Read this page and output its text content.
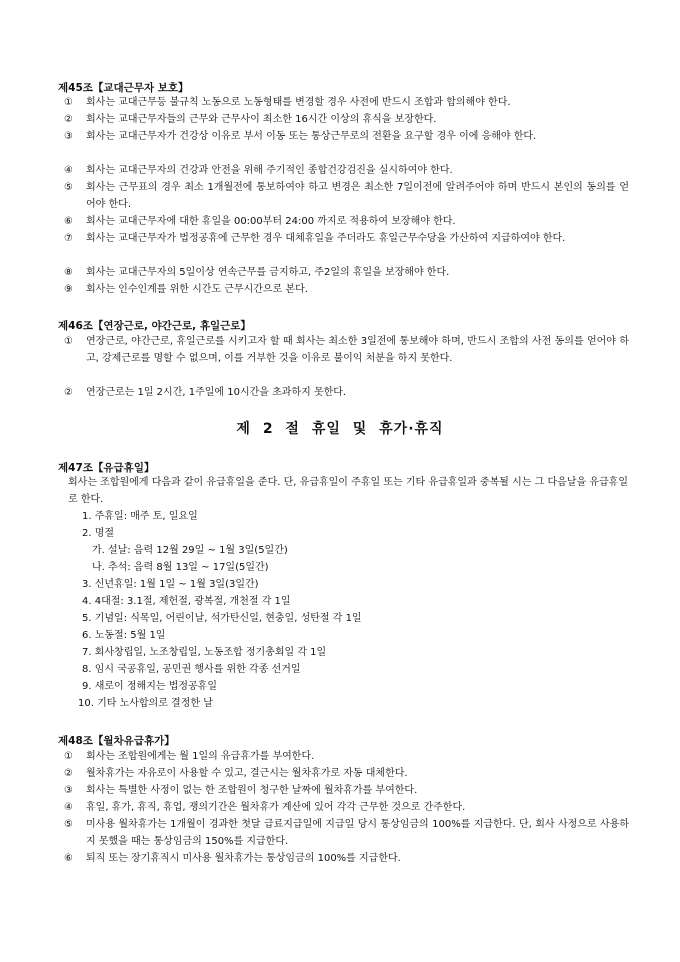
제45조【교대근무자 보호】
①	회사는 교대근무등 불규칙 노동으로 노동형태를 변경할 경우 사전에 반드시 조합과 합의해야 한다.
②	회사는 교대근무자들의 근무와 근무사이 최소한 16시간 이상의 휴식을 보장한다.
③	회사는 교대근무자가 건강상 이유로 부서 이동 또는 통상근무로의 전환을 요구할 경우 이에 응해야 한다.
④	회사는 교대근무자의 건강과 안전을 위해 주기적인 종합건강검진을 실시하여야 한다.
⑤	회사는 근무표의 경우 최소 1개월전에 통보하여야 하고 변경은 최소한 7일이전에 알려주어야 하며 반드시 본인의 동의를 얻어야 한다.
⑥	회사는 교대근무자에 대한 휴일을 00:00부터 24:00 까지로 적용하여 보장해야 한다.
⑦	회사는 교대근무자가 법정공휴에 근무한 경우 대체휴일을 주더라도 휴일근무수당을 가산하여 지급하여야 한다.
⑧	회사는 교대근무자의 5일이상 연속근무를 금지하고, 주2일의 휴일을 보장해야 한다.
⑨	회사는 인수인계를 위한 시간도 근무시간으로 본다.
제46조【연장근로, 야간근로, 휴일근로】
①	연장근로, 야간근로, 휴일근로를 시키고자 할 때 회사는 최소한 3일전에 통보해야 하며, 반드시 조합의 사전 동의를 얻어야 하고, 강제근로를 명할 수 없으며, 이를 거부한 것을 이유로 불이익 처분을 하지 못한다.
②	연장근로는 1일 2시간, 1주일에 10시간을 초과하지 못한다.
제 2 절 휴일 및 휴가·휴직
제47조【유급휴일】
회사는 조합원에게 다음과 같이 유급휴일을 준다. 단, 유급휴일이 주휴일 또는 기타 유급휴일과 중복될 시는 그 다음날을 유급휴일로 한다.
1. 주휴일: 매주 토, 일요일
2. 명절
가. 설날: 음력 12월 29일 ~ 1월 3일(5일간)
나. 추석: 음력 8월 13일 ~ 17일(5일간)
3. 신년휴일: 1월 1일 ~ 1월 3일(3일간)
4. 4대절: 3.1절, 제헌절, 광복절, 개천절 각 1일
5. 기념일: 식목일, 어린이날, 석가탄신일, 현충일, 성탄절 각 1일
6. 노동절: 5월 1일
7. 회사창립일, 노조창립일, 노동조합 정기총회일 각 1일
8. 임시 국공휴일, 공민권 행사를 위한 각종 선거일
9. 새로이 정해지는 법정공휴일
10. 기타 노사합의로 결정한 날
제48조【월차유급휴가】
①	회사는 조합원에게는 월 1일의 유급휴가를 부여한다.
②	월차휴가는 자유로이 사용할 수 있고, 결근시는 월차휴가로 자동 대체한다.
③	회사는 특별한 사정이 없는 한 조합원이 청구한 날짜에 월차휴가를 부여한다.
④	휴일, 휴가, 휴직, 휴업, 쟁의기간은 월차휴가 계산에 있어 각각 근무한 것으로 간주한다.
⑤	미사용 월차휴가는 1개월이 경과한 첫달 급료지급일에 지급일 당시 통상임금의 100%를 지급한다. 단, 회사 사정으로 사용하지 못했을 때는 통상임금의 150%를 지급한다.
⑥	퇴직 또는 장기휴직시 미사용 월차휴가는 통상임금의 100%를 지급한다.
